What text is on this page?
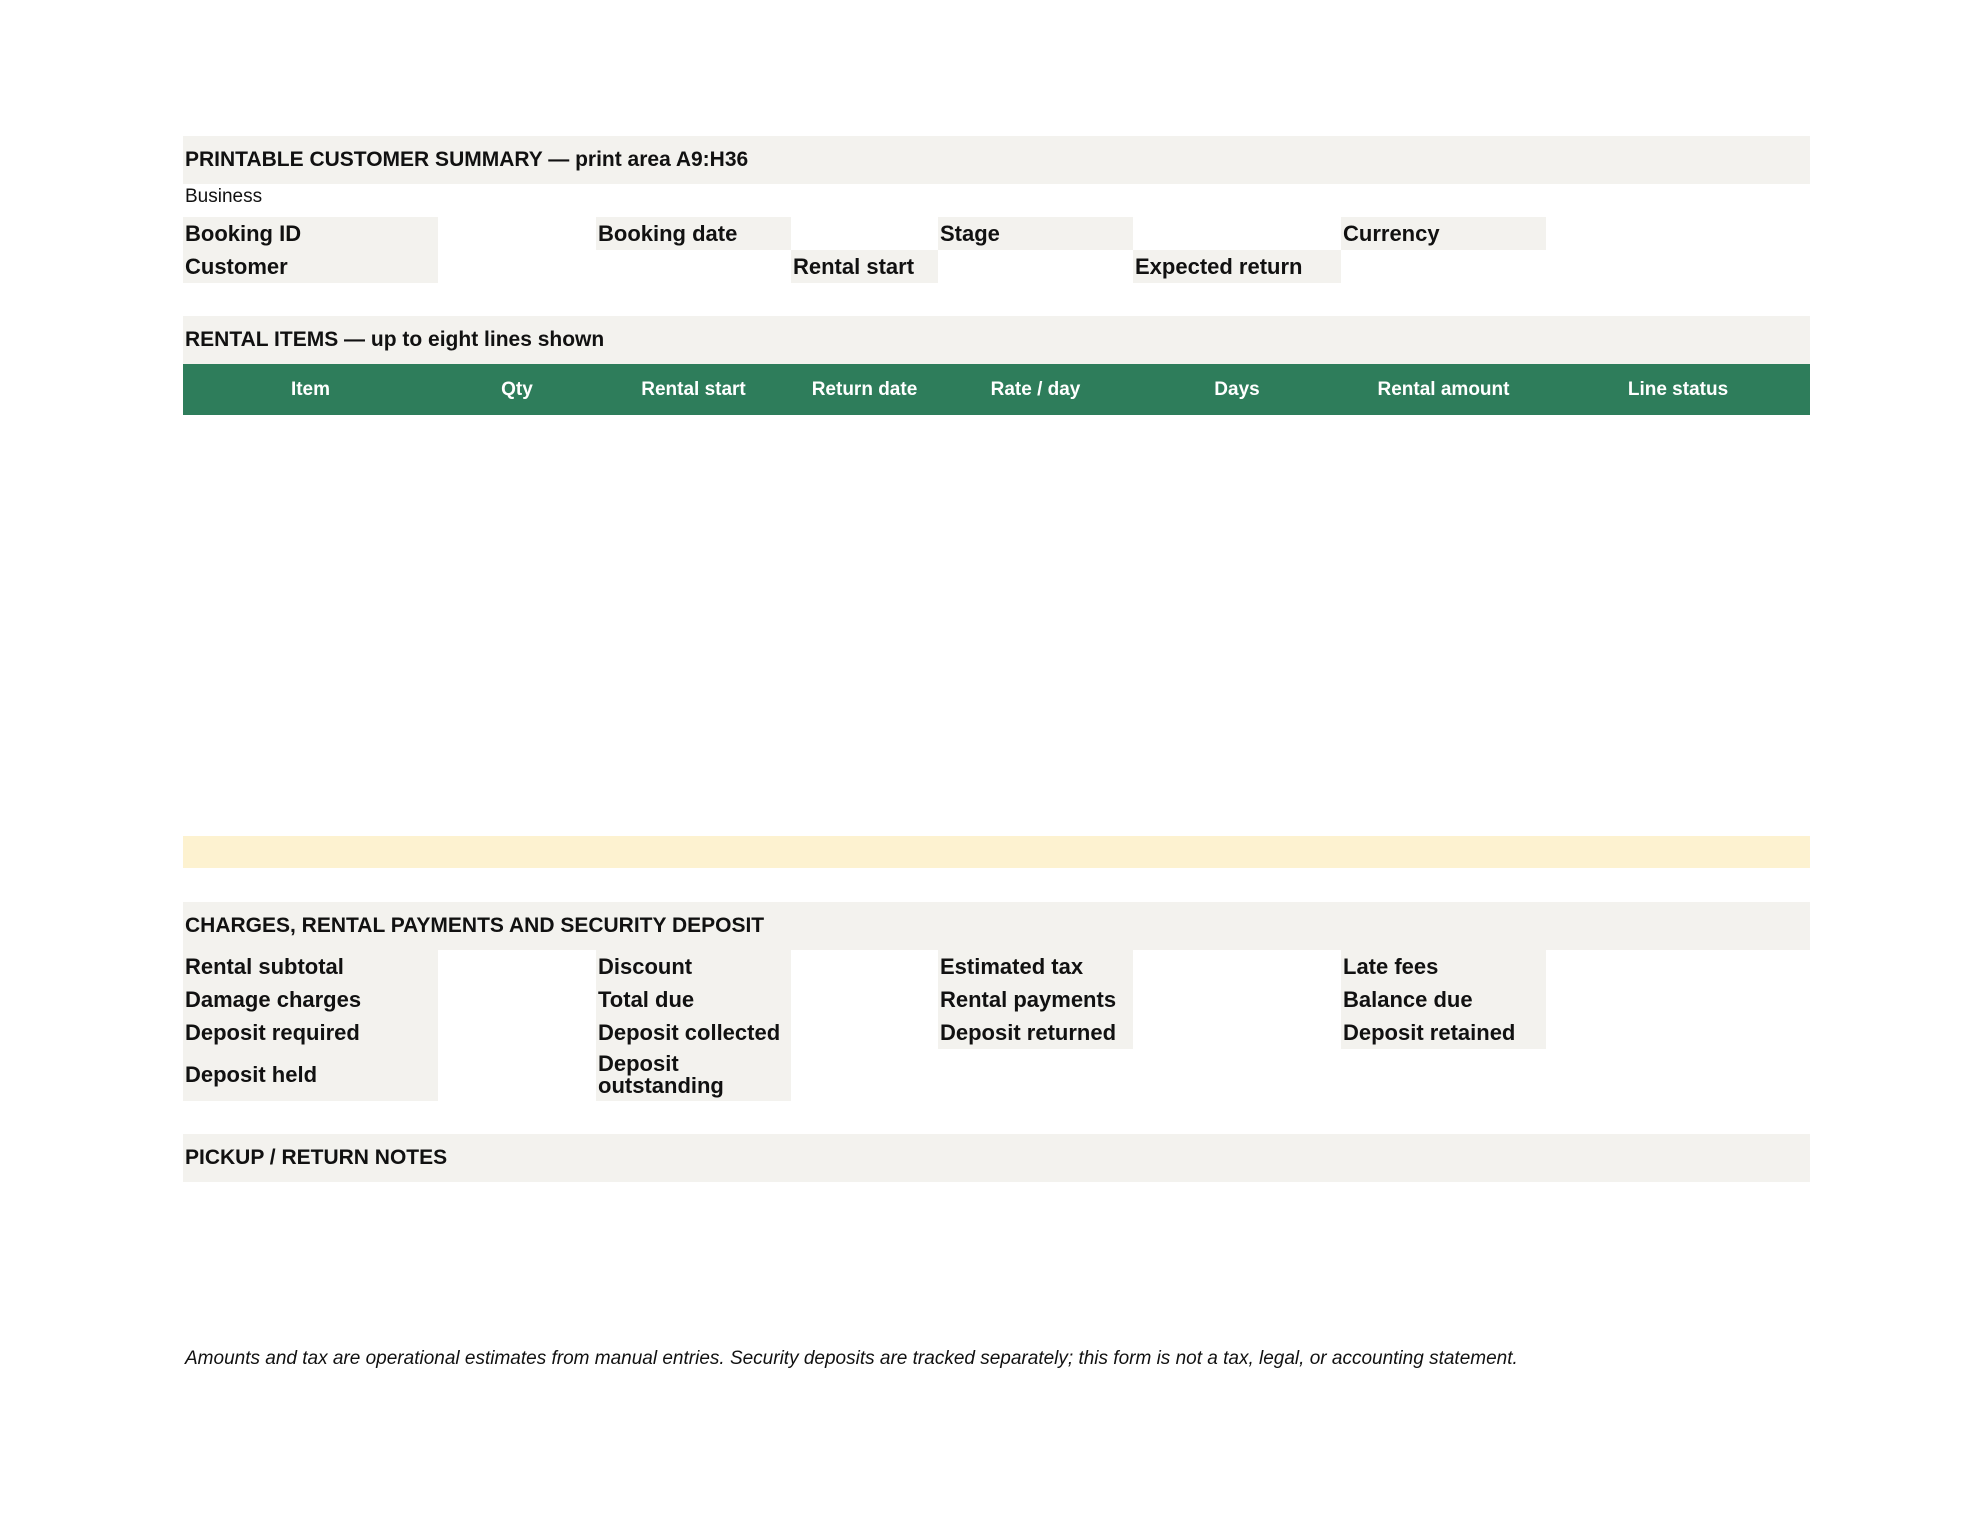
PRINTABLE CUSTOMER SUMMARY — print area A9:H36
Business
Booking ID	Booking date	Stage	Currency
Customer	Rental start	Expected return
RENTAL ITEMS — up to eight lines shown
Item	Qty	Rental start	Return date	Rate / day	Days	Rental amount	Line status
CHARGES, RENTAL PAYMENTS AND SECURITY DEPOSIT
Rental subtotal	Discount	Estimated tax	Late fees
Damage charges	Total due	Rental payments	Balance due
Deposit required	Deposit collected	Deposit returned	Deposit retained
Deposit held	Deposit outstanding
PICKUP / RETURN NOTES
Amounts and tax are operational estimates from manual entries. Security deposits are tracked separately; this form is not a tax, legal, or accounting statement.
